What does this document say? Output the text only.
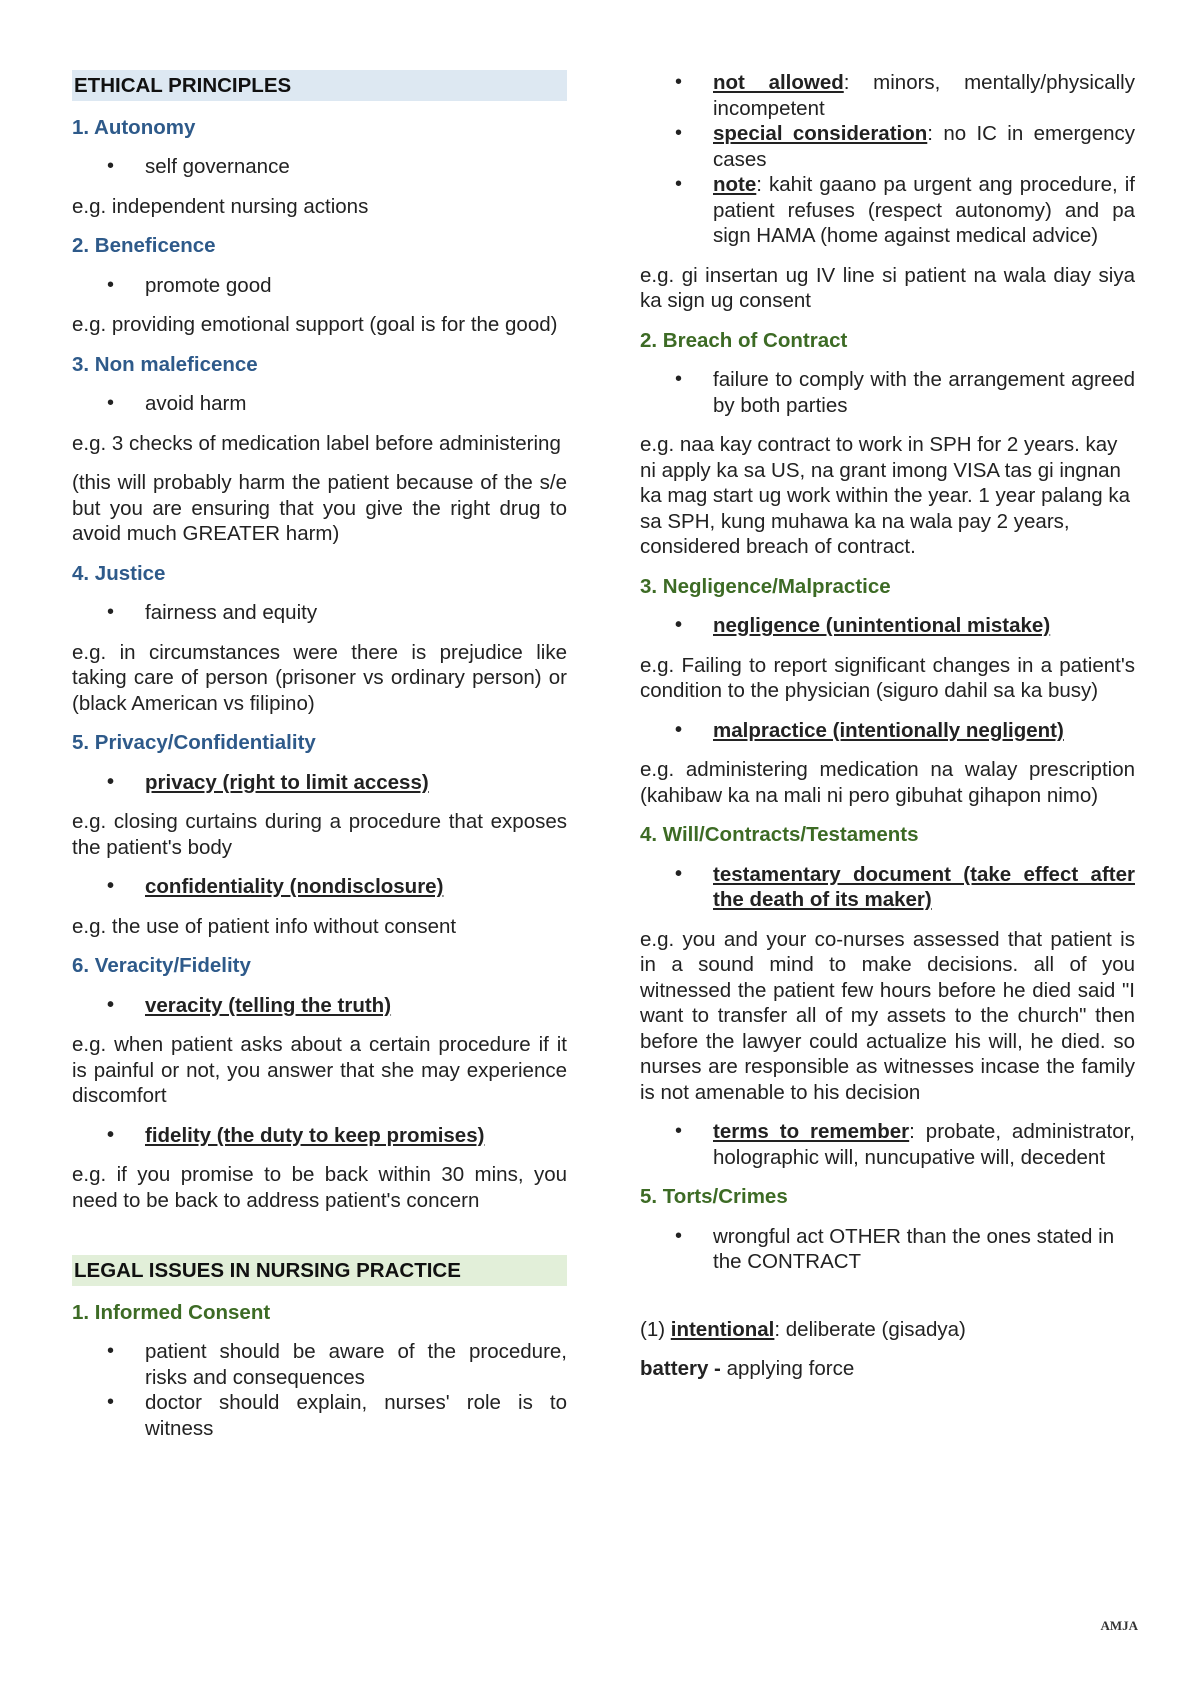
ETHICAL PRINCIPLES
1. Autonomy
• self governance

e.g. independent nursing actions

2. Beneficence
• promote good

e.g. providing emotional support (goal is for the good)

3. Non maleficence
• avoid harm

e.g. 3 checks of medication label before administering

(this will probably harm the patient because of the s/e but you are ensuring that you give the right drug to avoid much GREATER harm)

4. Justice
• fairness and equity

e.g. in circumstances were there is prejudice like taking care of person (prisoner vs ordinary person) or (black American vs filipino)

5. Privacy/Confidentiality
• privacy (right to limit access)

e.g. closing curtains during a procedure that exposes the patient's body

• confidentiality (nondisclosure)

e.g. the use of patient info without consent

6. Veracity/Fidelity
• veracity (telling the truth)

e.g. when patient asks about a certain procedure if it is painful or not, you answer that she may experience discomfort

• fidelity (the duty to keep promises)

e.g. if you promise to be back within 30 mins, you need to be back to address patient's concern

LEGAL ISSUES IN NURSING PRACTICE
1. Informed Consent
• patient should be aware of the procedure, risks and consequences
• doctor should explain, nurses' role is to witness
• not allowed: minors, mentally/physically incompetent
• special consideration: no IC in emergency cases
• note: kahit gaano pa urgent ang procedure, if patient refuses (respect autonomy) and pa sign HAMA (home against medical advice)

e.g. gi insertan ug IV line si patient na wala diay siya ka sign ug consent

2. Breach of Contract
• failure to comply with the arrangement agreed by both parties

e.g. naa kay contract to work in SPH for 2 years. kay ni apply ka sa US, na grant imong VISA tas gi ingnan ka mag start ug work within the year. 1 year palang ka sa SPH, kung muhawa ka na wala pay 2 years, considered breach of contract.

3. Negligence/Malpractice
• negligence (unintentional mistake)

e.g. Failing to report significant changes in a patient's condition to the physician (siguro dahil sa ka busy)

• malpractice (intentionally negligent)

e.g. administering medication na walay prescription (kahibaw ka na mali ni pero gibuhat gihapon nimo)

4. Will/Contracts/Testaments
• testamentary document (take effect after the death of its maker)

e.g. you and your co-nurses assessed that patient is in a sound mind to make decisions. all of you witnessed the patient few hours before he died said "I want to transfer all of my assets to the church" then before the lawyer could actualize his will, he died. so nurses are responsible as witnesses incase the family is not amenable to his decision

• terms to remember: probate, administrator, holographic will, nuncupative will, decedent
5. Torts/Crimes
• wrongful act OTHER than the ones stated in the CONTRACT

(1) intentional: deliberate (gisadya)

battery - applying force

AMJA
